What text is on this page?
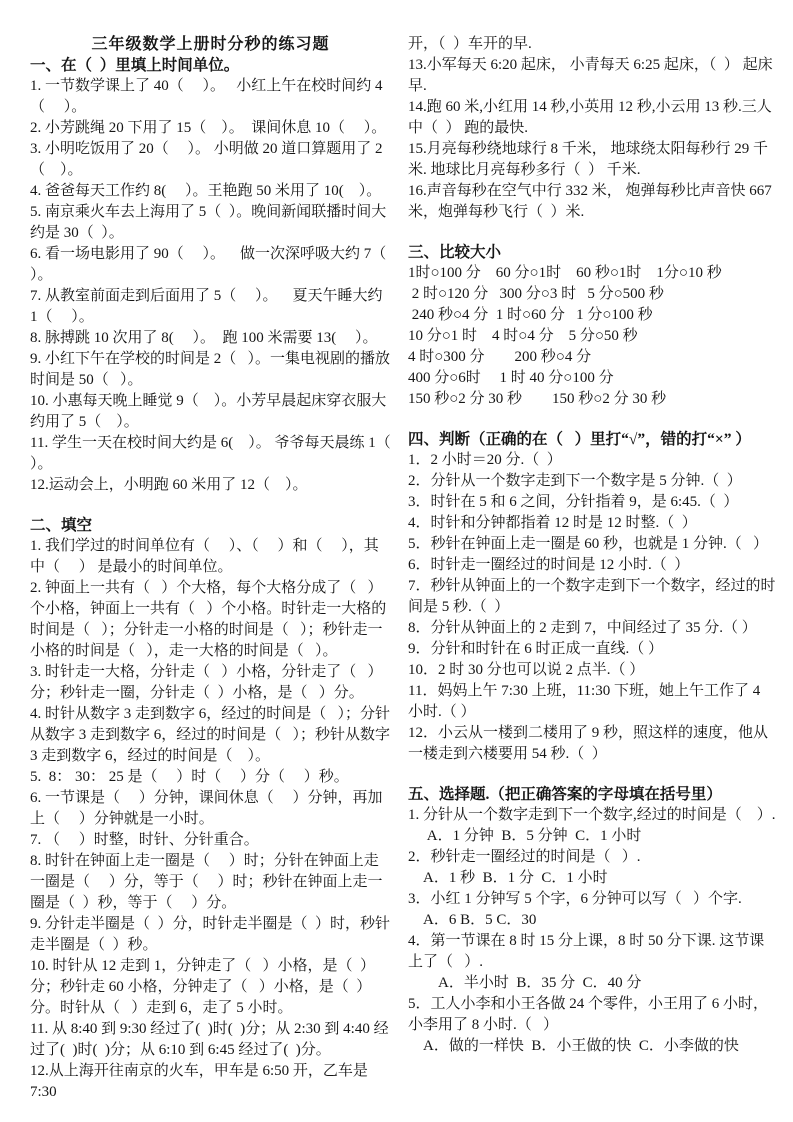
三年级数学上册时分秒的练习题
一、在（  ）里填上时间单位。
1. 一节数学课上了 40（     ）。   小红上午在校时间约 4（     ）。
2. 小芳跳绳 20 下用了 15（    ）。  课间休息 10（     ）。
3. 小明吃饭用了 20（     ）。 小明做 20 道口算题用了 2（    ）。
4. 爸爸每天工作约 8(     ）。王艳跑 50 米用了 10(    ）。
5. 南京乘火车去上海用了 5（  ）。晚间新闻联播时间大约是 30（  ）。
6. 看一场电影用了 90（     ）。    做一次深呼吸大约 7（     ）。
7. 从教室前面走到后面用了 5（     ）。    夏天午睡大约 1（     ）。
8. 脉搏跳 10 次用了 8(     ）。  跑 100 米需要 13(     ）。
9. 小红下午在学校的时间是 2（   ）。一集电视剧的播放时间是 50（   ）。
10. 小惠每天晚上睡觉 9（    ）。小芳早晨起床穿衣服大约用了 5（    ）。
11. 学生一天在校时间大约是 6(    ）。 爷爷每天晨练 1（   ）。
12.运动会上，小明跑 60 米用了 12（    ）。
二、填空
1. 我们学过的时间单位有（     ）、（     ）和（     ），其中（     ） 是最小的时间单位。
2. 钟面上一共有（   ）个大格，每个大格分成了（   ）个小格，钟面上一共有（   ）个小格。时针走一大格的时间是（   ）；分针走一小格的时间是（   ）；秒针走一小格的时间是（   ），走一大格的时间是（   ）。
3. 时针走一大格，分针走（   ）小格，分针走了（   ）分；秒针走一圈，分针走（  ）小格，是（   ）分。
4. 时针从数字 3 走到数字 6，经过的时间是（   ）；分针从数字 3 走到数字 6，经过的时间是（   ）；秒针从数字 3 走到数字 6，经过的时间是（    ）。
5.  8： 30： 25 是（     ）时（     ）分（     ）秒。
6. 一节课是（     ）分钟，课间休息（     ）分钟，再加上（     ）分钟就是一小时。
7. （     ）时整，时针、分针重合。
8. 时针在钟面上走一圈是（     ）时；分针在钟面上走一圈是（     ）分，等于（     ）时；秒针在钟面上走一圈是（  ）秒，等于（     ）分。
9. 分针走半圈是（  ）分，时针走半圈是（  ）时，秒针走半圈是（  ）秒。
10. 时针从 12 走到 1，分钟走了（   ）小格，是（  ）分；秒针走 60 小格，分钟走了（   ）小格，是（  ）分。时针从（   ）走到 6，走了 5 小时。
11. 从 8:40 到 9:30 经过了(  )时(  )分；从 2:30 到 4:40 经过了(  )时(  )分；从 6:10 到 6:45 经过了(  )分。
12.从上海开往南京的火车，甲车是 6:50 开，乙车是 7:30
开，（  ）车开的早.
13.小军每天 6:20 起床， 小青每天 6:25 起床，（  ） 起床早.
14.跑 60 米,小红用 14 秒,小英用 12 秒,小云用 13 秒.三人中（  ） 跑的最快.
15.月亮每秒绕地球行 8 千米， 地球绕太阳每秒行 29 千米. 地球比月亮每秒多行（  ） 千米.
16.声音每秒在空气中行 332 米， 炮弹每秒比声音快 667 米，炮弹每秒飞行（  ）米.
三、比较大小
1时○100 分    60 分○1时    60 秒○1时    1分○10 秒
2 时○120 分   300 分○3 时   5 分○500 秒
240 秒○4 分  1 时○60 分   1 分○100 秒
10 分○1 时    4 时○4 分    5 分○50 秒
4 时○300 分        200 秒○4 分
400 分○6时     1 时 40 分○100 分
150 秒○2 分 30 秒        150 秒○2 分 30 秒
四、判断（正确的在（   ）里打“√”，错的打“×” ）
1．2 小时＝20 分.（  ）
2．分针从一个数字走到下一个数字是 5 分钟.（  ）
3．时针在 5 和 6 之间，分针指着 9，是 6:45.（  ）
4．时针和分钟都指着 12 时是 12 时整.（  ）
5．秒针在钟面上走一圈是 60 秒，也就是 1 分钟.（   ）
6．时针走一圈经过的时间是 12 小时.（  ）
7．秒针从钟面上的一个数字走到下一个数字，经过的时间是 5 秒.（  ）
8．分针从钟面上的 2 走到 7，中间经过了 35 分.（ ）
9．分针和时针在 6 时正成一直线.（ ）
10．2 时 30 分也可以说 2 点半.（ ）
11．妈妈上午 7:30 上班，11:30 下班，她上午工作了 4 小时.（ ）
12．小云从一楼到二楼用了 9 秒，照这样的速度，他从一楼走到六楼要用 54 秒.（  ）
五、选择题.（把正确答案的字母填在括号里）
1. 分针从一个数字走到下一个数字,经过的时间是（    ）.
A．1 分钟  B．5 分钟  C．1 小时
2．秒针走一圈经过的时间是（   ）.
A．1 秒  B．1 分  C．1 小时
3．小红 1 分钟写 5 个字，6 分钟可以写（   ）个字.
A．6 B．5 C．30
4．第一节课在 8 时 15 分上课，8 时 50 分下课. 这节课上了（   ）.
A．半小时  B．35 分  C．40 分
5．工人小李和小王各做 24 个零件，小王用了 6 小时，小李用了 8 小时.（   ）
A．做的一样快  B．小王做的快  C．小李做的快
